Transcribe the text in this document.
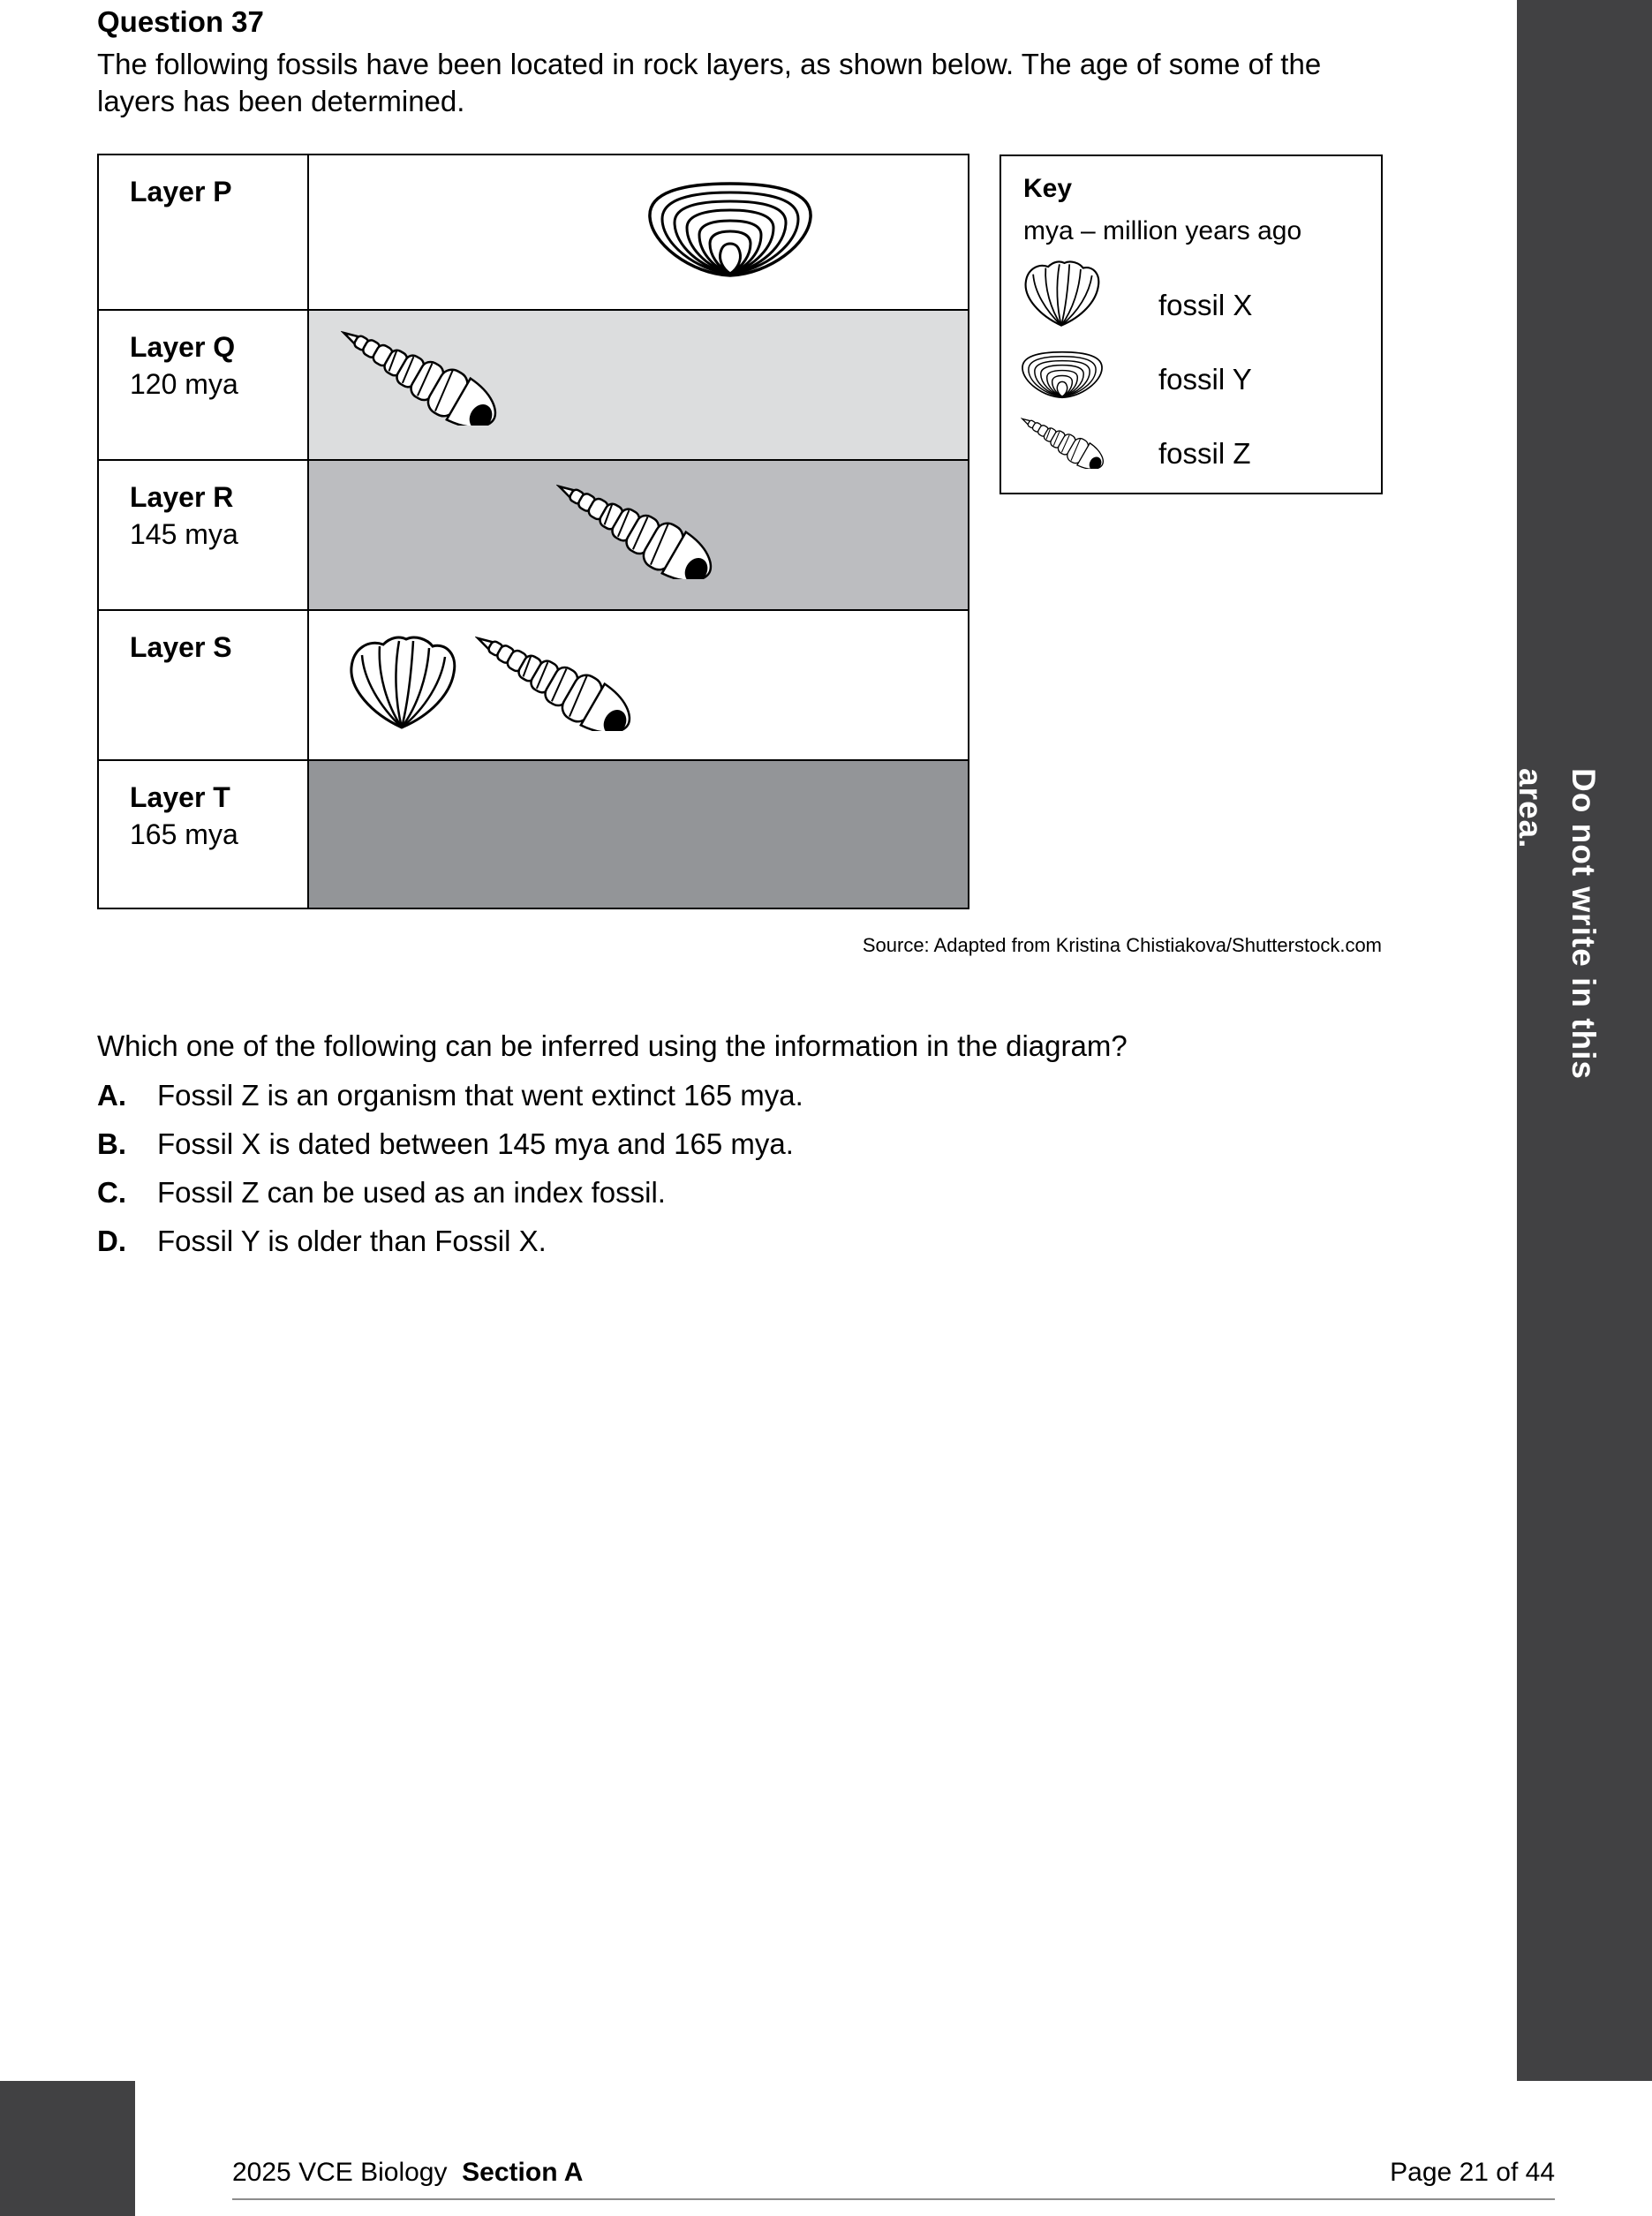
Do not write in this area.
Question 37
The following fossils have been located in rock layers, as shown below. The age of some of the layers has been determined.
Layer P
Layer Q
120 mya
Layer R
145 mya
Layer S
Layer T
165 mya
Key
mya – million years ago
fossil X
fossil Y
fossil Z
Source: Adapted from Kristina Chistiakova/Shutterstock.com
Which one of the following can be inferred using the information in the diagram?
A. Fossil Z is an organism that went extinct 165 mya.
B. Fossil X is dated between 145 mya and 165 mya.
C. Fossil Z can be used as an index fossil.
D. Fossil Y is older than Fossil X.
2025 VCE Biology Section A	Page 21 of 44
